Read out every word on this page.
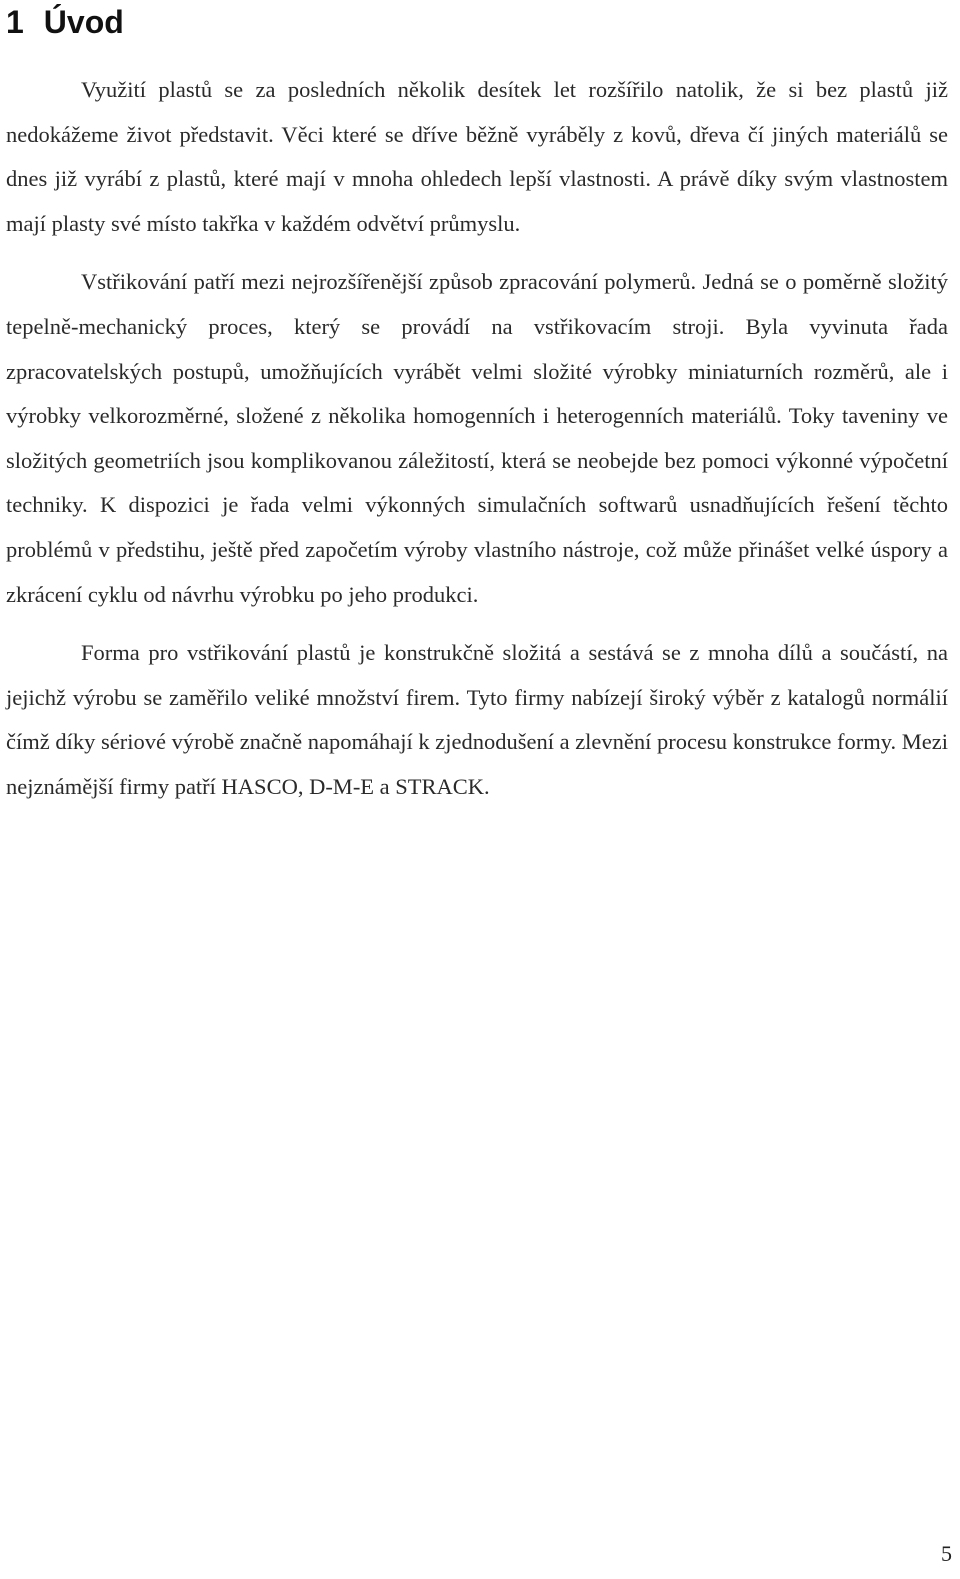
1 Úvod

Využití plastů se za posledních několik desítek let rozšířilo natolik, že si bez plastů již nedokážeme život představit. Věci které se dříve běžně vyráběly z kovů, dřeva čí jiných materiálů se dnes již vyrábí z plastů, které mají v mnoha ohledech lepší vlastnosti. A právě díky svým vlastnostem mají plasty své místo takřka v každém odvětví průmyslu.

Vstřikování patří mezi nejrozšířenější způsob zpracování polymerů. Jedná se o poměrně složitý tepelně-mechanický proces, který se provádí na vstřikovacím stroji. Byla vyvinuta řada zpracovatelských postupů, umožňujících vyrábět velmi složité výrobky miniaturních rozměrů, ale i výrobky velkorozměrné, složené z několika homogenních i heterogenních materiálů. Toky taveniny ve složitých geometriích jsou komplikovanou záležitostí, která se neobejde bez pomoci výkonné výpočetní techniky. K dispozici je řada velmi výkonných simulačních softwarů usnadňujících řešení těchto problémů v předstihu, ještě před započetím výroby vlastního nástroje, což může přinášet velké úspory a zkrácení cyklu od návrhu výrobku po jeho produkci.

Forma pro vstřikování plastů je konstrukčně složitá a sestává se z mnoha dílů a součástí, na jejichž výrobu se zaměřilo veliké množství firem. Tyto firmy nabízejí široký výběr z katalogů normálií čímž díky sériové výrobě značně napomáhají k zjednodušení a zlevnění procesu konstrukce formy. Mezi nejznámější firmy patří HASCO, D-M-E a STRACK.

5
